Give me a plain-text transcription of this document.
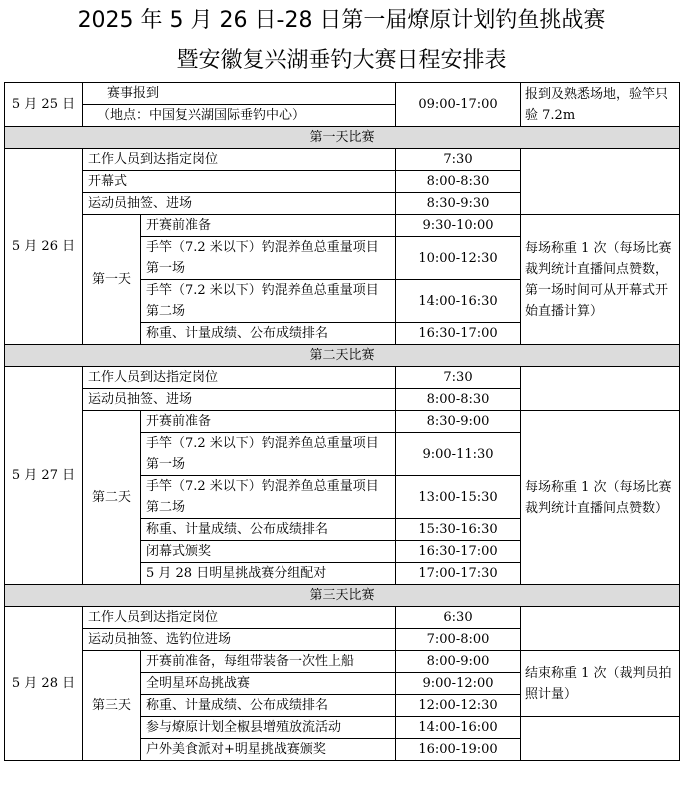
2025 年 5 月 26 日-28 日第一届燎原计划钓鱼挑战赛
暨安徽复兴湖垂钓大赛日程安排表
5 月 25 日	赛事报到		09:00-17:00	报到及熟悉场地，验竿只验 7.2m
	（地点：中国复兴湖国际垂钓中心）			
第一天比赛				
5 月 26 日	工作人员到达指定岗位		7:30	
	开幕式		8:00-8:30	
	运动员抽签、进场		8:30-9:30	
	第一天	开赛前准备	9:30-10:00	每场称重 1 次（每场比赛裁判统计直播间点赞数，第一场时间可从开幕式开始直播计算）
		手竿（7.2 米以下）钓混养鱼总重量项目第一场	10:00-12:30	
		手竿（7.2 米以下）钓混养鱼总重量项目第二场	14:00-16:30	
		称重、计量成绩、公布成绩排名	16:30-17:00	
第二天比赛				
5 月 27 日	工作人员到达指定岗位		7:30	
	运动员抽签、进场		8:00-8:30	
	第二天	开赛前准备	8:30-9:00	每场称重 1 次（每场比赛裁判统计直播间点赞数）
		手竿（7.2 米以下）钓混养鱼总重量项目第一场	9:00-11:30	
		手竿（7.2 米以下）钓混养鱼总重量项目第二场	13:00-15:30	
		称重、计量成绩、公布成绩排名	15:30-16:30	
		闭幕式颁奖	16:30-17:00	
		5 月 28 日明星挑战赛分组配对	17:00-17:30	
第三天比赛				
5 月 28 日	工作人员到达指定岗位		6:30	
	运动员抽签、选钓位进场		7:00-8:00	
	第三天	开赛前准备，每组带装备一次性上船	8:00-9:00	结束称重 1 次（裁判员拍照计量）
		全明星环岛挑战赛	9:00-12:00	
		称重、计量成绩、公布成绩排名	12:00-12:30	
		参与燎原计划全椒县增殖放流活动	14:00-16:00	
		户外美食派对+明星挑战赛颁奖	16:00-19:00	
